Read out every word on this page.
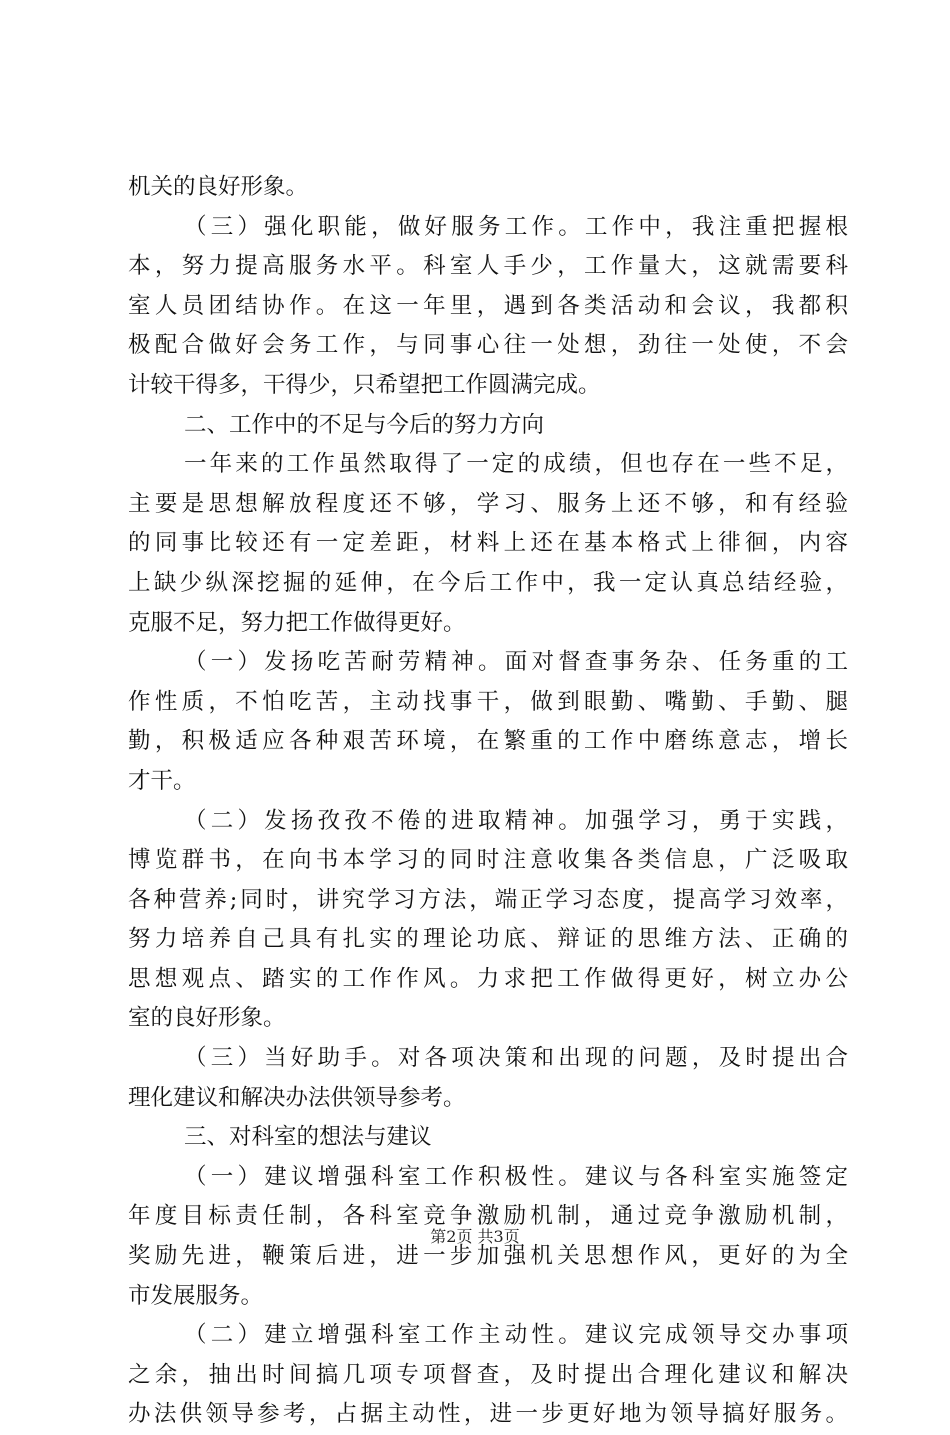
机关的良好形象。
（三）强化职能，做好服务工作。工作中，我注重把握根
本，努力提高服务水平。科室人手少，工作量大，这就需要科
室人员团结协作。在这一年里，遇到各类活动和会议，我都积
极配合做好会务工作，与同事心往一处想，劲往一处使，不会
计较干得多，干得少，只希望把工作圆满完成。
二、工作中的不足与今后的努力方向
一年来的工作虽然取得了一定的成绩，但也存在一些不足，
主要是思想解放程度还不够，学习、服务上还不够，和有经验
的同事比较还有一定差距，材料上还在基本格式上徘徊，内容
上缺少纵深挖掘的延伸，在今后工作中，我一定认真总结经验，
克服不足，努力把工作做得更好。
（一）发扬吃苦耐劳精神。面对督查事务杂、任务重的工
作性质，不怕吃苦，主动找事干，做到眼勤、嘴勤、手勤、腿
勤，积极适应各种艰苦环境，在繁重的工作中磨练意志，增长
才干。
（二）发扬孜孜不倦的进取精神。加强学习，勇于实践，
博览群书，在向书本学习的同时注意收集各类信息，广泛吸取
各种营养;同时，讲究学习方法，端正学习态度，提高学习效率，
努力培养自己具有扎实的理论功底、辩证的思维方法、正确的
思想观点、踏实的工作作风。力求把工作做得更好，树立办公
室的良好形象。
（三）当好助手。对各项决策和出现的问题，及时提出合
理化建议和解决办法供领导参考。
三、对科室的想法与建议
（一）建议增强科室工作积极性。建议与各科室实施签定
年度目标责任制，各科室竞争激励机制，通过竞争激励机制，
奖励先进，鞭策后进，进一步加强机关思想作风，更好的为全
市发展服务。
（二）建立增强科室工作主动性。建议完成领导交办事项
之余，抽出时间搞几项专项督查，及时提出合理化建议和解决
办法供领导参考，占据主动性，进一步更好地为领导搞好服务。
第2页 共3页
